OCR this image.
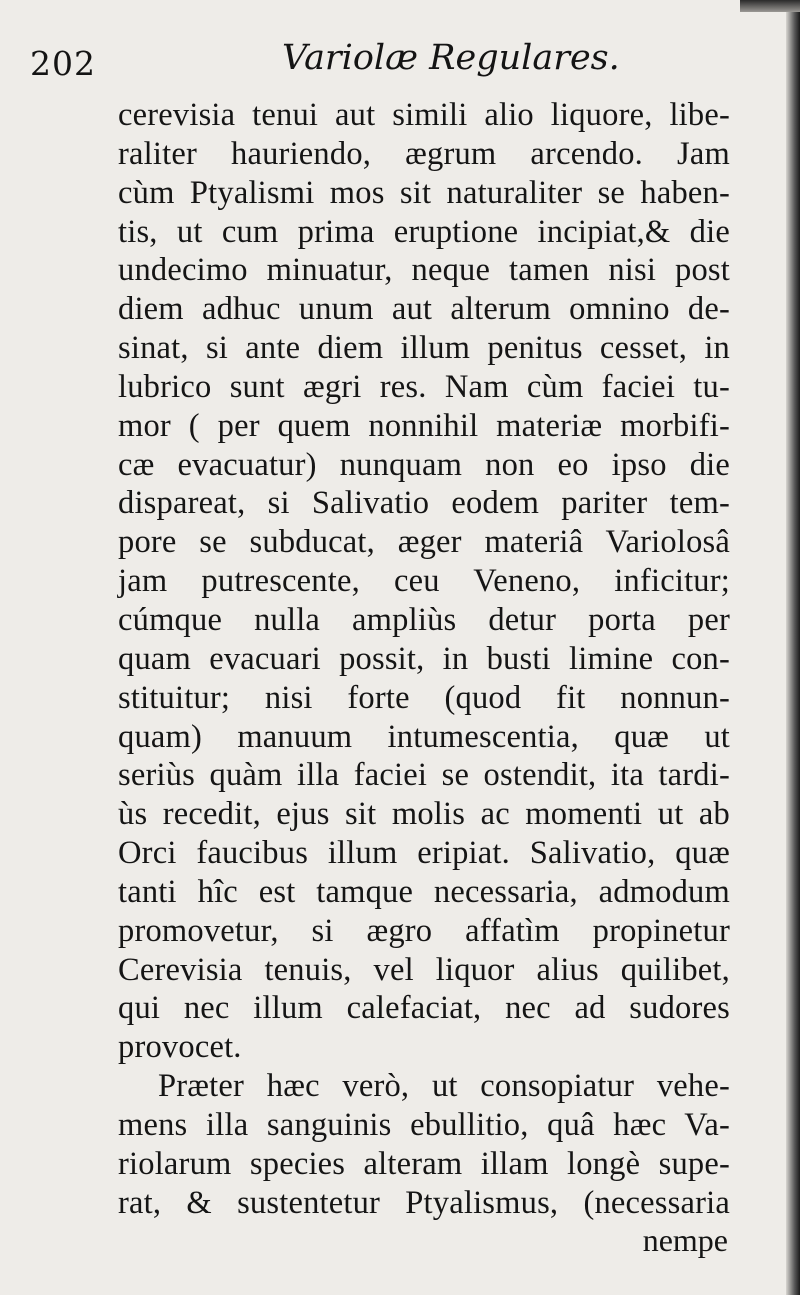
202	Variolæ Regulares.
cerevisia tenui aut simili alio liquore, libe-
raliter hauriendo, ægrum arcendo. Jam
cùm Ptyalismi mos sit naturaliter se haben-
tis, ut cum prima eruptione incipiat,& die
undecimo minuatur, neque tamen nisi post
diem adhuc unum aut alterum omnino de-
sinat, si ante diem illum penitus cesset, in
lubrico sunt ægri res. Nam cùm faciei tu-
mor ( per quem nonnihil materiæ morbifi-
cæ evacuatur) nunquam non eo ipso die
dispareat, si Salivatio eodem pariter tem-
pore se subducat, æger materiâ Variolosâ
jam putrescente, ceu Veneno, inficitur;
cúmque nulla ampliùs detur porta per
quam evacuari possit, in busti limine con-
stituitur; nisi forte (quod fit nonnun-
quam) manuum intumescentia, quæ ut
seriùs quàm illa faciei se ostendit, ita tardi-
ùs recedit, ejus sit molis ac momenti ut ab
Orci faucibus illum eripiat. Salivatio, quæ
tanti hîc est tamque necessaria, admodum
promovetur, si ægro affatìm propinetur
Cerevisia tenuis, vel liquor alius quilibet,
qui nec illum calefaciat, nec ad sudores
provocet.
Præter hæc verò, ut consopiatur vehe-
mens illa sanguinis ebullitio, quâ hæc Va-
riolarum species alteram illam longè supe-
rat, & sustentetur Ptyalismus, (necessaria
nempe
